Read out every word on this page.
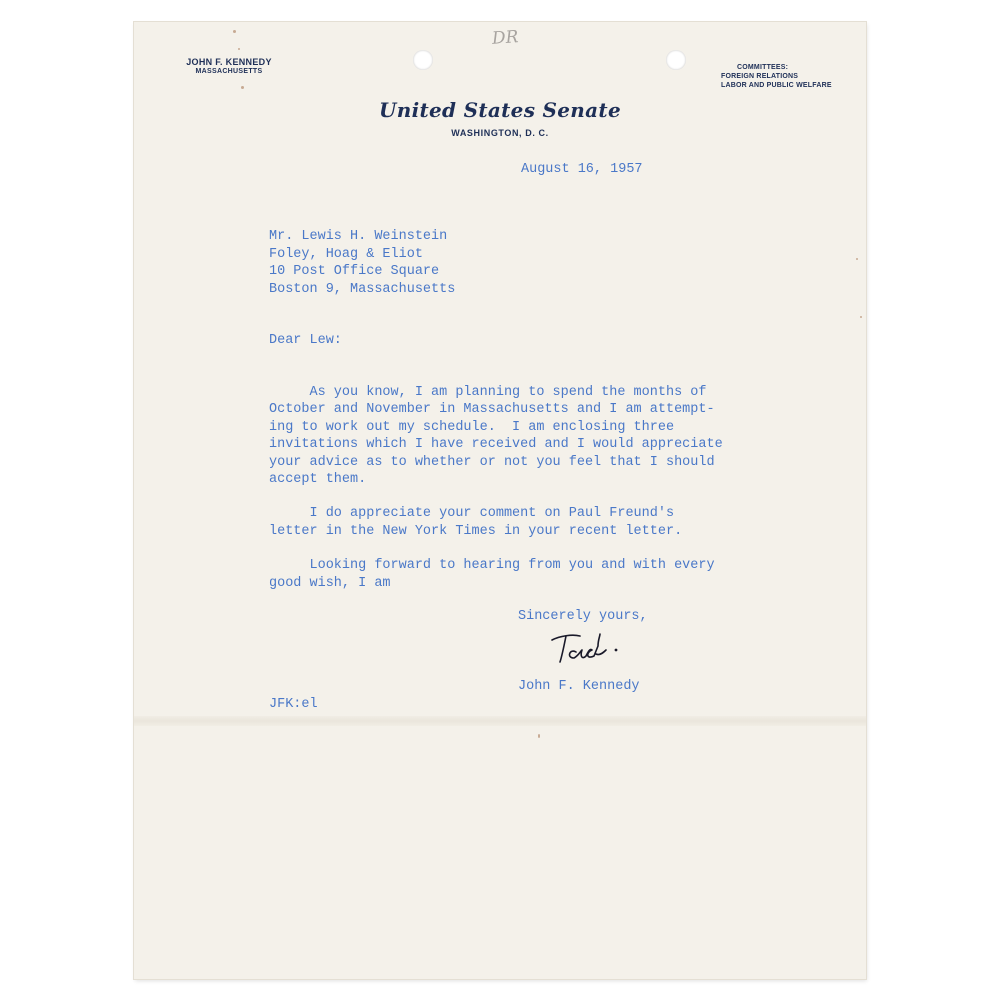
DR
JOHN F. KENNEDY
MASSACHUSETTS
COMMITTEES:
FOREIGN RELATIONS
LABOR AND PUBLIC WELFARE
United States Senate
WASHINGTON, D. C.
August 16, 1957
Mr. Lewis H. Weinstein
Foley, Hoag & Eliot
10 Post Office Square
Boston 9, Massachusetts
Dear Lew:
As you know, I am planning to spend the months of
October and November in Massachusetts and I am attempt-
ing to work out my schedule.  I am enclosing three
invitations which I have received and I would appreciate
your advice as to whether or not you feel that I should
accept them.
I do appreciate your comment on Paul Freund's
letter in the New York Times in your recent letter.
Looking forward to hearing from you and with every
good wish, I am
Sincerely yours,
John F. Kennedy
JFK:el
